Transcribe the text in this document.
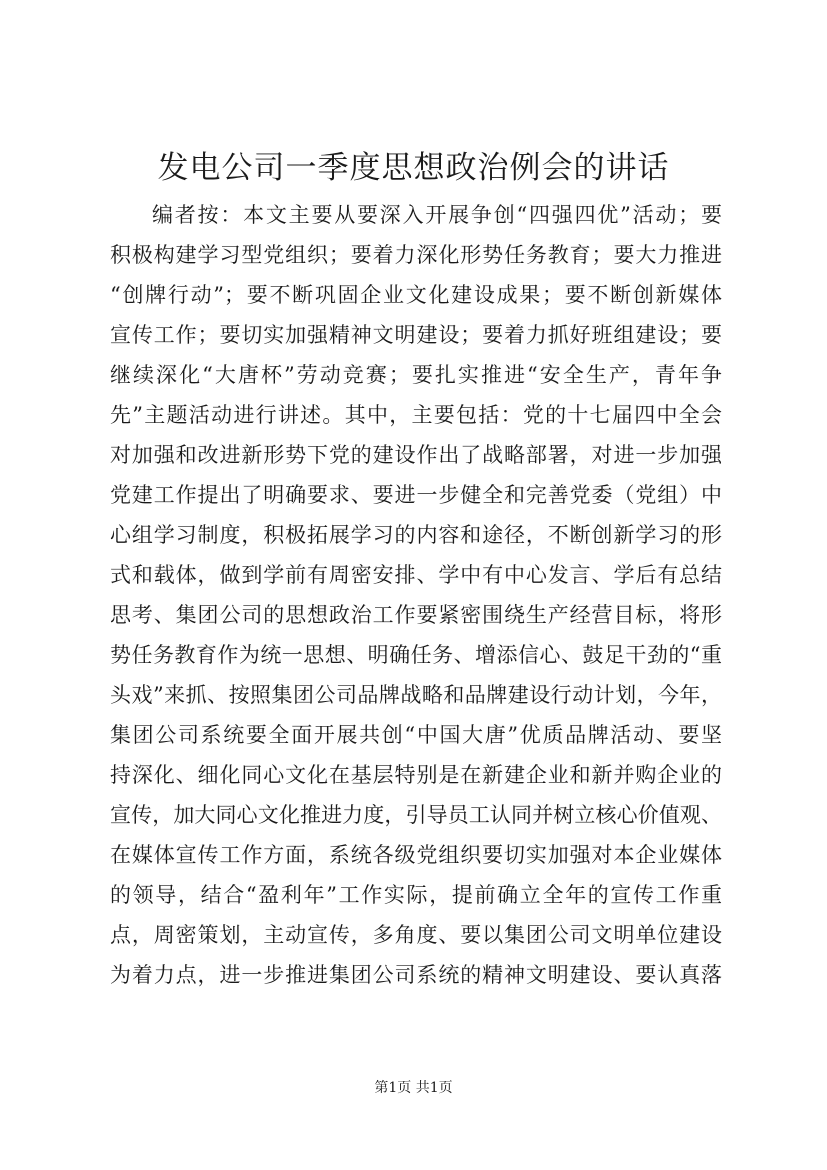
发电公司一季度思想政治例会的讲话
编者按：本文主要从要深入开展争创“四强四优”活动；要
积极构建学习型党组织；要着力深化形势任务教育；要大力推进
“创牌行动”；要不断巩固企业文化建设成果；要不断创新媒体
宣传工作；要切实加强精神文明建设；要着力抓好班组建设；要
继续深化“大唐杯”劳动竞赛；要扎实推进“安全生产，青年争
先”主题活动进行讲述。其中，主要包括：党的十七届四中全会
对加强和改进新形势下党的建设作出了战略部署，对进一步加强
党建工作提出了明确要求、要进一步健全和完善党委（党组）中
心组学习制度，积极拓展学习的内容和途径，不断创新学习的形
式和载体，做到学前有周密安排、学中有中心发言、学后有总结
思考、集团公司的思想政治工作要紧密围绕生产经营目标，将形
势任务教育作为统一思想、明确任务、增添信心、鼓足干劲的“重
头戏”来抓、按照集团公司品牌战略和品牌建设行动计划，今年，
集团公司系统要全面开展共创“中国大唐”优质品牌活动、要坚
持深化、细化同心文化在基层特别是在新建企业和新并购企业的
宣传，加大同心文化推进力度，引导员工认同并树立核心价值观、
在媒体宣传工作方面，系统各级党组织要切实加强对本企业媒体
的领导，结合“盈利年”工作实际，提前确立全年的宣传工作重
点，周密策划，主动宣传，多角度、要以集团公司文明单位建设
为着力点，进一步推进集团公司系统的精神文明建设、要认真落
第1页 共1页
